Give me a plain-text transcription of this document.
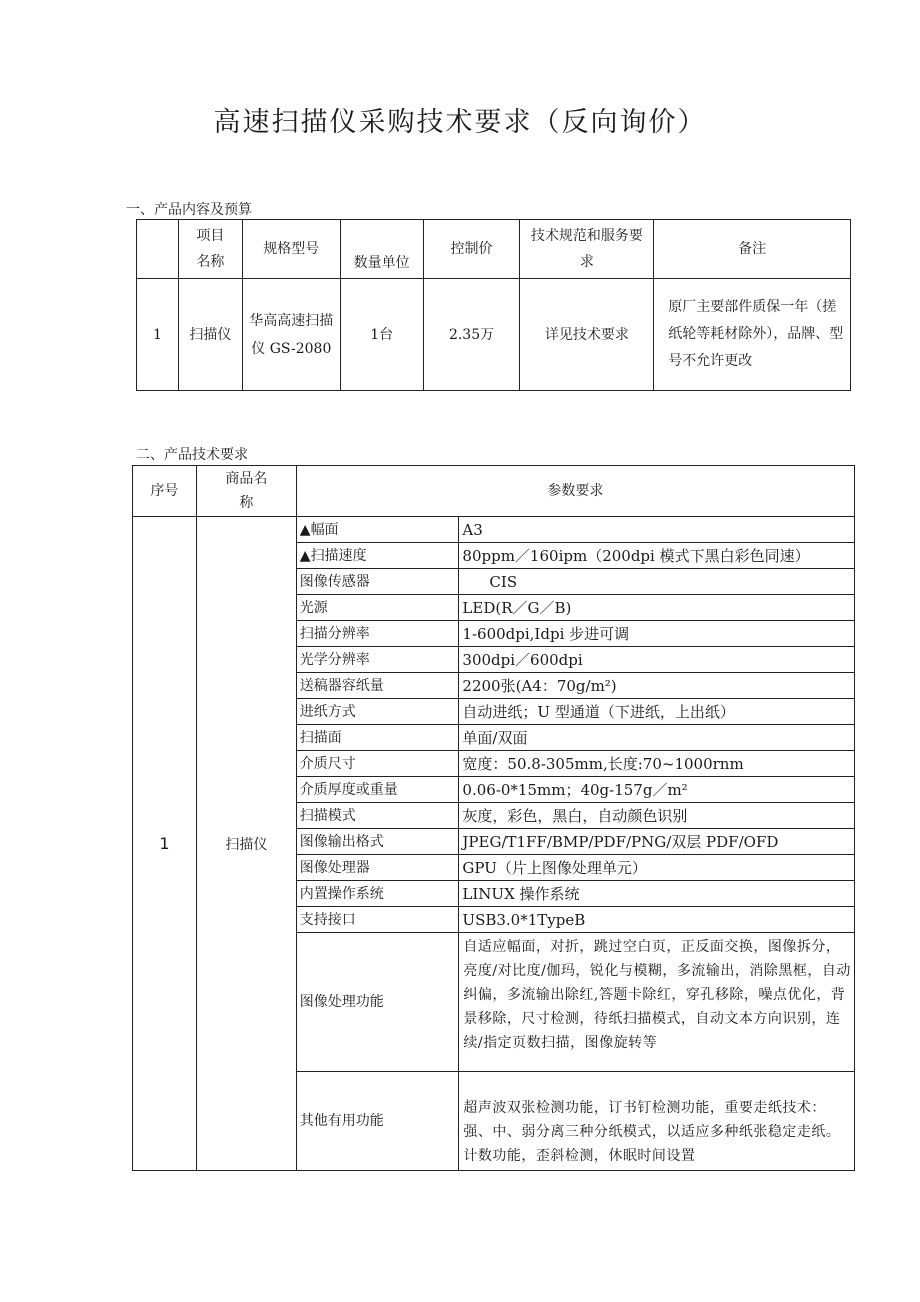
高速扫描仪采购技术要求（反向询价）
一、产品内容及预算
	项目名称	规格型号	数量单位	控制价	技术规范和服务要求	备注
1	扫描仪	华高高速扫描仪 GS-2080	1台	2.35万	详见技术要求	原厂主要部件质保一年（搓纸轮等耗材除外），品牌、型号不允许更改
二、产品技术要求
序号	商品名称	参数要求	
1	扫描仪	▲幅面	A3
		▲扫描速度	80ppm／160ipm（200dpi 模式下黑白彩色同速）
		图像传感器	CIS
		光源	LED(R／G／B)
		扫描分辨率	1-600dpi,Idpi 步进可调
		光学分辨率	300dpi／600dpi
		送稿器容纸量	2200张(A4：70g/m²)
		进纸方式	自动进纸；U 型通道（下进纸，上出纸）
		扫描面	单面/双面
		介质尺寸	宽度：50.8-305mm,长度:70~1000rnm
		介质厚度或重量	0.06-0*15mm；40g-157g／m²
		扫描模式	灰度，彩色，黑白，自动颜色识别
		图像输出格式	JPEG/T1FF/BMP/PDF/PNG/双层 PDF/OFD
		图像处理器	GPU（片上图像处理单元）
		内置操作系统	LINUX 操作系统
		支持接口	USB3.0*1TypeB
		图像处理功能	自适应幅面，对折，跳过空白页，正反面交换，图像拆分，亮度/对比度/伽玛，锐化与模糊，多流输出，消除黑框，自动纠偏，多流输出除红,答题卡除红，穿孔移除，噪点优化，背景移除，尺寸检测，待纸扫描模式，自动文本方向识别，连续/指定页数扫描，图像旋转等
		其他有用功能	超声波双张检测功能，订书钉检测功能，重要走纸技术：强、中、弱分离三种分纸模式，以适应多种纸张稳定走纸。计数功能，歪斜检测，休眠时间设置
